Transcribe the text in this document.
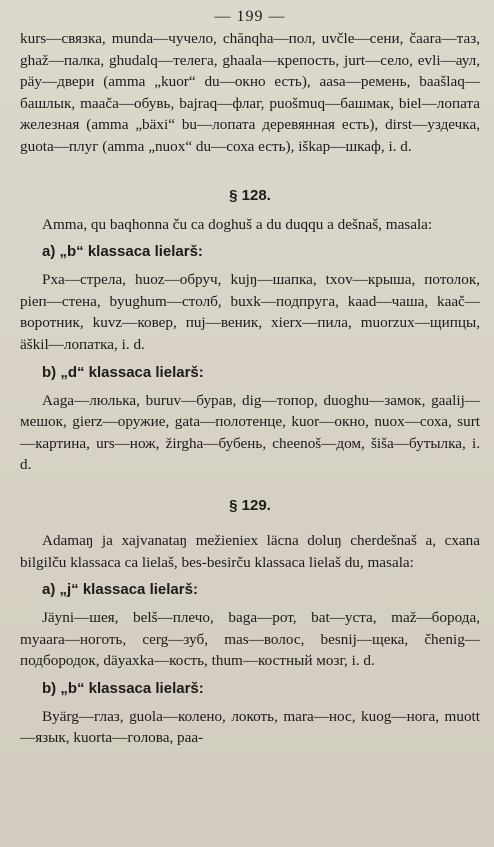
— 199 —

kurs—связка, munda—чучело, chănqha—пол, uvčle—сени, čaara—таз, ghaž—палка, ghudalq—телега, ghaala—крепость, jurt—село, evli—аул, päy—двери (amma „kuor“ du—окно есть), aasa—ремень, baašlaq—башлык, maača—обувь, bajraq—флаг, puošmuq—башмак, biel—лопата железная (amma „bäxi“ bu—лопата деревянная есть), dirst—уздечка, guota—плуг (amma „nuox“ du—соха есть), iškap—шкаф, i. d.

§ 128.

Amma, qu baqhonna ču ca doghuš a du duqqu a dešnaš, masala:

a) „b“ klassaca lielarš:

Pxa—стрела, huoz—обруч, kujŋ—шапка, txov—крыша, потолок, pieп—стена, byughum—столб, buxk—подпруга, kaad—чаша, kaač—воротник, kuvz—ковер, пuj—веник, xierx—пила, muorzux—щипцы, äškil—лопатка, i. d.

b) „d“ klassaca lielarš:

Aaga—люлька, buruv—бурав, dig—топор, duoghu—замок, gaalij—мешок, gierz—оружие, gata—полотенце, kuor—окно, nuox—соха, surt—картина, urs—нож, žirgha—бубень, cheenoš—дом, šiša—бутылка, i. d.

§ 129.

Adamaŋ ja xajvanataŋ mežieniex läcna doluŋ cherdešnaš a, cxana bilgilču klassaca ca lielaš, bes-besirču klassaca lielaš du, masala:

a) „j“ klassaca lielarš:

Jäyni—шея, belš—плечо, baga—рот, bat—уста, maž—борода, myaara—ноготь, cerg—зуб, mas—волос, besnij—щека, čhenig—подбородок, däyaxka—кость, thum—костный мозг, i. d.

b) „b“ klassaca lielarš:

Byärg—глаз, guola—колено, локоть, mara—нос, kuog—нога, muott—язык, kuorta—голова, paa-
